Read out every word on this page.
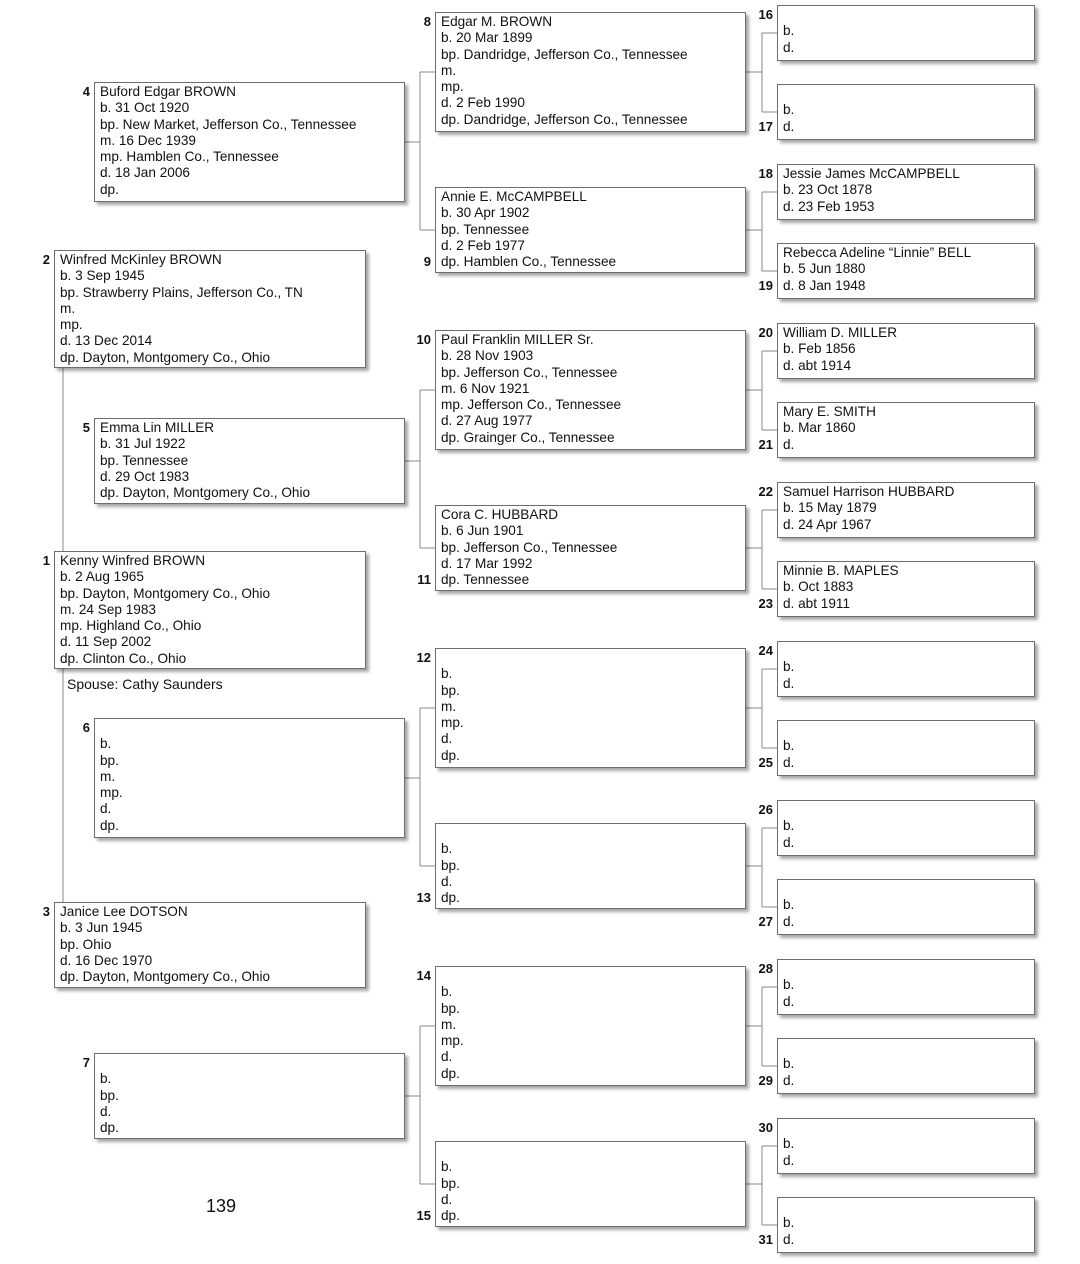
Kenny Winfred BROWN
b. 2 Aug 1965
bp. Dayton, Montgomery Co., Ohio
m. 24 Sep 1983
mp. Highland Co., Ohio
d. 11 Sep 2002
dp. Clinton Co., Ohio
1
Winfred McKinley BROWN
b. 3 Sep 1945
bp. Strawberry Plains, Jefferson Co., TN
m.
mp.
d. 13 Dec 2014
dp. Dayton, Montgomery Co., Ohio
2
Janice Lee DOTSON
b. 3 Jun 1945
bp. Ohio
d. 16 Dec 1970
dp. Dayton, Montgomery Co., Ohio
3
Buford Edgar BROWN
b. 31 Oct 1920
bp. New Market, Jefferson Co., Tennessee
m. 16 Dec 1939
mp. Hamblen Co., Tennessee
d. 18 Jan 2006
dp.
4
Emma Lin MILLER
b. 31 Jul 1922
bp. Tennessee
d. 29 Oct 1983
dp. Dayton, Montgomery Co., Ohio
5

b.
bp.
m.
mp.
d.
dp.
6

b.
bp.
d.
dp.
7
Edgar M. BROWN
b. 20 Mar 1899
bp. Dandridge, Jefferson Co., Tennessee
m.
mp.
d. 2 Feb 1990
dp. Dandridge, Jefferson Co., Tennessee
8
Annie E. McCAMPBELL
b. 30 Apr 1902
bp. Tennessee
d. 2 Feb 1977
dp. Hamblen Co., Tennessee
9
Paul Franklin MILLER Sr.
b. 28 Nov 1903
bp. Jefferson Co., Tennessee
m. 6 Nov 1921
mp. Jefferson Co., Tennessee
d. 27 Aug 1977
dp. Grainger Co., Tennessee
10
Cora C. HUBBARD
b. 6 Jun 1901
bp. Jefferson Co., Tennessee
d. 17 Mar 1992
dp. Tennessee
11

b.
bp.
m.
mp.
d.
dp.
12

b.
bp.
d.
dp.
13

b.
bp.
m.
mp.
d.
dp.
14

b.
bp.
d.
dp.
15

b.
d.
16

b.
d.
17
Jessie James McCAMPBELL
b. 23 Oct 1878
d. 23 Feb 1953
18
Rebecca Adeline “Linnie” BELL
b. 5 Jun 1880
d. 8 Jan 1948
19
William D. MILLER
b. Feb 1856
d. abt 1914
20
Mary E. SMITH
b. Mar 1860
d.
21
Samuel Harrison HUBBARD
b. 15 May 1879
d. 24 Apr 1967
22
Minnie B. MAPLES
b. Oct 1883
d. abt 1911
23

b.
d.
24

b.
d.
25

b.
d.
26

b.
d.
27

b.
d.
28

b.
d.
29

b.
d.
30

b.
d.
31
Spouse: Cathy Saunders
139
